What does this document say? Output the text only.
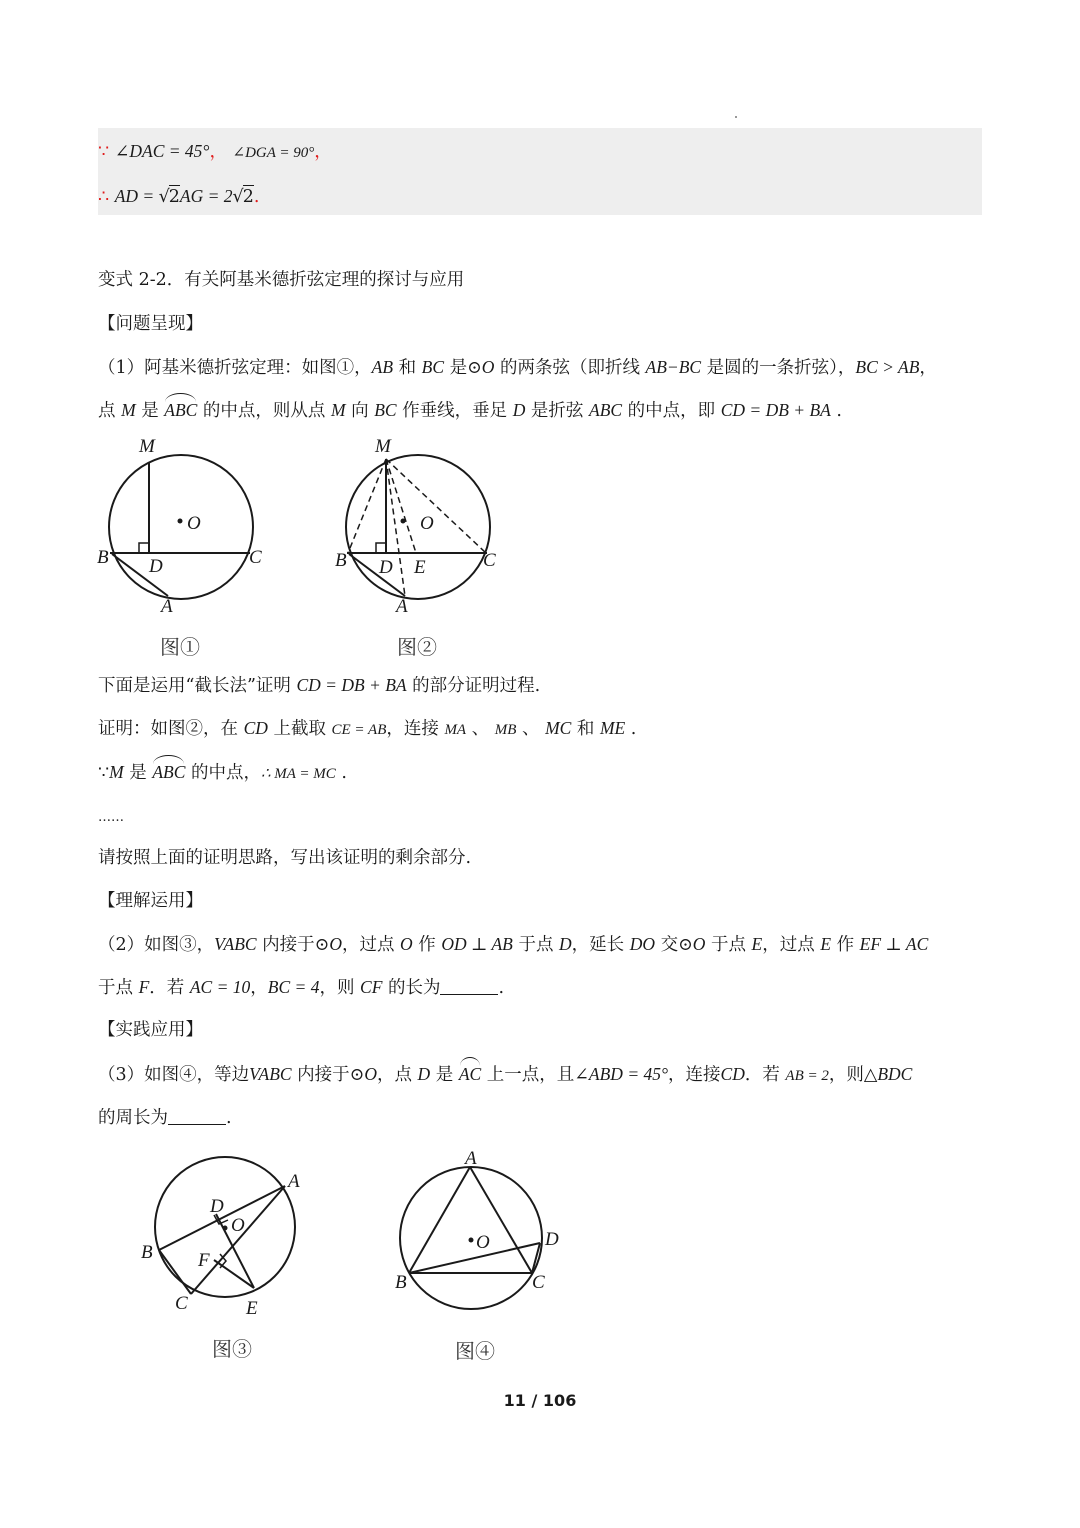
∵ ∠DAC = 45°， ∠DGA = 90°，
∴ AD = √2AG = 2√2.
变式 2-2．有关阿基米德折弦定理的探讨与应用
【问题呈现】
（1）阿基米德折弦定理：如图①，AB 和 BC 是⊙O 的两条弦（即折线 AB−BC 是圆的一条折弦），BC > AB，
点 M 是 ABC 的中点，则从点 M 向 BC 作垂线，垂足 D 是折弦 ABC 的中点，即 CD = DB + BA .
M
O
B	C
D
A
图①
M
O
B	C
D E
A
图②
下面是运用“截长法”证明 CD = DB + BA 的部分证明过程.
证明：如图②，在 CD 上截取 CE = AB，连接 MA 、 MB 、 MC 和 ME .
∵M 是 ABC 的中点，∴ MA = MC .
……
请按照上面的证明思路，写出该证明的剩余部分.
【理解运用】
（2）如图③，VABC 内接于⊙O，过点 O 作 OD ⊥ AB 于点 D，延长 DO 交⊙O 于点 E，过点 E 作 EF ⊥ AC
于点 F．若 AC = 10，BC = 4，则 CF 的长为	.
【实践应用】
（3）如图④，等边VABC 内接于⊙O，点 D 是 AC 上一点，且∠ABD = 45°，连接CD．若 AB = 2，则△BDC
的周长为	.
A
B
C
D
O
F
E
图③
A
B	C
D
O
图④
11 / 106
